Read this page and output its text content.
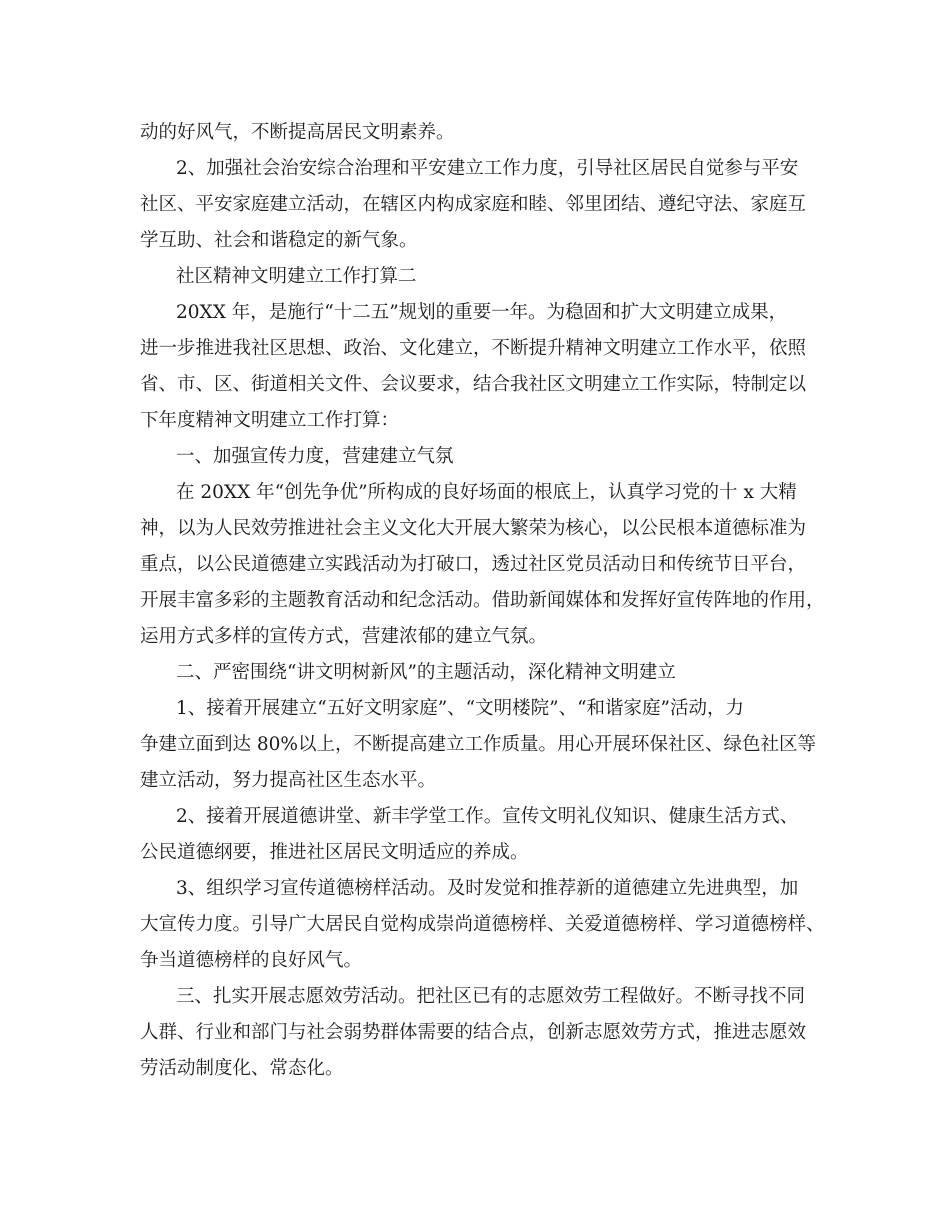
动的好风气，不断提高居民文明素养。
2、加强社会治安综合治理和平安建立工作力度，引导社区居民自觉参与平安
社区、平安家庭建立活动，在辖区内构成家庭和睦、邻里团结、遵纪守法、家庭互
学互助、社会和谐稳定的新气象。
社区精神文明建立工作打算二
20XX 年，是施行“十二五”规划的重要一年。为稳固和扩大文明建立成果，
进一步推进我社区思想、政治、文化建立，不断提升精神文明建立工作水平，依照
省、市、区、街道相关文件、会议要求，结合我社区文明建立工作实际，特制定以
下年度精神文明建立工作打算：
一、加强宣传力度，营建建立气氛
在 20XX 年“创先争优”所构成的良好场面的根底上，认真学习党的十 x 大精
神，以为人民效劳推进社会主义文化大开展大繁荣为核心，以公民根本道德标准为
重点，以公民道德建立实践活动为打破口，透过社区党员活动日和传统节日平台，
开展丰富多彩的主题教育活动和纪念活动。借助新闻媒体和发挥好宣传阵地的作用，
运用方式多样的宣传方式，营建浓郁的建立气氛。
二、严密围绕“讲文明树新风”的主题活动，深化精神文明建立
1、接着开展建立“五好文明家庭”、“文明楼院”、“和谐家庭”活动，力
争建立面到达 80%以上，不断提高建立工作质量。用心开展环保社区、绿色社区等
建立活动，努力提高社区生态水平。
2、接着开展道德讲堂、新丰学堂工作。宣传文明礼仪知识、健康生活方式、
公民道德纲要，推进社区居民文明适应的养成。
3、组织学习宣传道德榜样活动。及时发觉和推荐新的道德建立先进典型，加
大宣传力度。引导广大居民自觉构成崇尚道德榜样、关爱道德榜样、学习道德榜样、
争当道德榜样的良好风气。
三、扎实开展志愿效劳活动。把社区已有的志愿效劳工程做好。不断寻找不同
人群、行业和部门与社会弱势群体需要的结合点，创新志愿效劳方式，推进志愿效
劳活动制度化、常态化。
